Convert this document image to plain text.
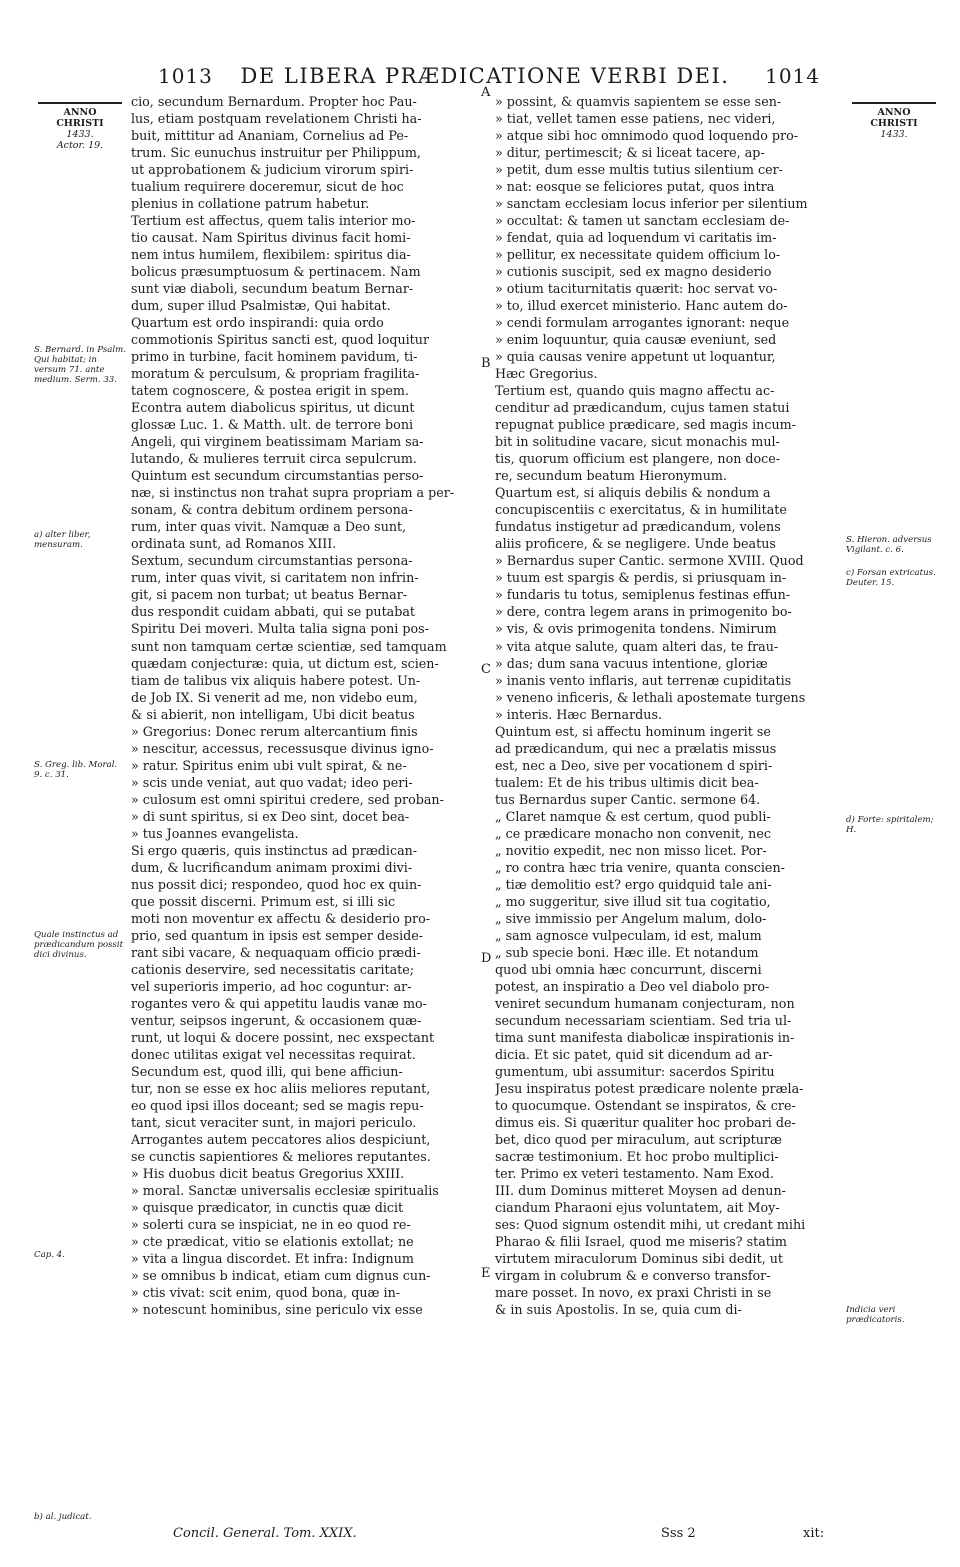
1013	DE LIBERA PRÆDICATIONE VERBI DEI.	1014
ANNO
CHRISTI
1433.
Actor. 19.
ANNO
CHRISTI
1433.
cio, secundum Bernardum. Propter hoc Pau-
lus, etiam postquam revelationem Christi ha-
buit, mittitur ad Ananiam, Cornelius ad Pe-
trum. Sic eunuchus instruitur per Philippum,
ut approbationem & judicium virorum spiri-
tualium requirere doceremur, sicut de hoc
plenius in collatione patrum habetur.
Tertium est affectus, quem talis interior mo-
tio causat. Nam Spiritus divinus facit homi-
nem intus humilem, flexibilem: spiritus dia-
bolicus præsumptuosum & pertinacem. Nam
sunt viæ diaboli, secundum beatum Bernar-
dum, super illud Psalmistæ, Qui habitat.
Quartum est ordo inspirandi: quia ordo
commotionis Spiritus sancti est, quod loquitur
primo in turbine, facit hominem pavidum, ti-
moratum & perculsum, & propriam fragilita-
tatem cognoscere, & postea erigit in spem.
Econtra autem diabolicus spiritus, ut dicunt
glossæ Luc. 1. & Matth. ult. de terrore boni
Angeli, qui virginem beatissimam Mariam sa-
lutando, & mulieres terruit circa sepulcrum.
Quintum est secundum circumstantias perso-
næ, si instinctus non trahat supra propriam a per-
sonam, & contra debitum ordinem persona-
rum, inter quas vivit. Namquæ a Deo sunt,
ordinata sunt, ad Romanos XIII.
Sextum, secundum circumstantias persona-
rum, inter quas vivit, si caritatem non infrin-
git, si pacem non turbat; ut beatus Bernar-
dus respondit cuidam abbati, qui se putabat
Spiritu Dei moveri. Multa talia signa poni pos-
sunt non tamquam certæ scientiæ, sed tamquam
quædam conjecturæ: quia, ut dictum est, scien-
tiam de talibus vix aliquis habere potest. Un-
de Job IX. Si venerit ad me, non videbo eum,
& si abierit, non intelligam, Ubi dicit beatus
» Gregorius: Donec rerum altercantium finis
» nescitur, accessus, recessusque divinus igno-
» ratur. Spiritus enim ubi vult spirat, & ne-
» scis unde veniat, aut quo vadat; ideo peri-
» culosum est omni spiritui credere, sed proban-
» di sunt spiritus, si ex Deo sint, docet bea-
» tus Joannes evangelista.
Si ergo quæris, quis instinctus ad prædican-
dum, & lucrificandum animam proximi divi-
nus possit dici; respondeo, quod hoc ex quin-
que possit discerni. Primum est, si illi sic
moti non moventur ex affectu & desiderio pro-
prio, sed quantum in ipsis est semper deside-
rant sibi vacare, & nequaquam officio prædi-
cationis deservire, sed necessitatis caritate;
vel superioris imperio, ad hoc coguntur: ar-
rogantes vero & qui appetitu laudis vanæ mo-
ventur, seipsos ingerunt, & occasionem quæ-
runt, ut loqui & docere possint, nec exspectant
donec utilitas exigat vel necessitas requirat.
Secundum est, quod illi, qui bene afficiun-
tur, non se esse ex hoc aliis meliores reputant,
eo quod ipsi illos doceant; sed se magis repu-
tant, sicut veraciter sunt, in majori periculo.
Arrogantes autem peccatores alios despiciunt,
se cunctis sapientiores & meliores reputantes.
» His duobus dicit beatus Gregorius XXIII.
» moral. Sanctæ universalis ecclesiæ spiritualis
» quisque prædicator, in cunctis quæ dicit
» solerti cura se inspiciat, ne in eo quod re-
» cte prædicat, vitio se elationis extollat; ne
» vita a lingua discordet. Et infra: Indignum
» se omnibus b indicat, etiam cum dignus cun-
» ctis vivat: scit enim, quod bona, quæ in-
» notescunt hominibus, sine periculo vix esse
» possint, & quamvis sapientem se esse sen-
» tiat, vellet tamen esse patiens, nec videri,
» atque sibi hoc omnimodo quod loquendo pro-
» ditur, pertimescit; & si liceat tacere, ap-
» petit, dum esse multis tutius silentium cer-
» nat: eosque se feliciores putat, quos intra
» sanctam ecclesiam locus inferior per silentium
» occultat: & tamen ut sanctam ecclesiam de-
» fendat, quia ad loquendum vi caritatis im-
» pellitur, ex necessitate quidem officium lo-
» cutionis suscipit, sed ex magno desiderio
» otium taciturnitatis quærit: hoc servat vo-
» to, illud exercet ministerio. Hanc autem do-
» cendi formulam arrogantes ignorant: neque
» enim loquuntur, quia causæ eveniunt, sed
» quia causas venire appetunt ut loquantur,
Hæc Gregorius.
Tertium est, quando quis magno affectu ac-
cenditur ad prædicandum, cujus tamen statui
repugnat publice prædicare, sed magis incum-
bit in solitudine vacare, sicut monachis mul-
tis, quorum officium est plangere, non doce-
re, secundum beatum Hieronymum.
Quartum est, si aliquis debilis & nondum a
concupiscentiis c exercitatus, & in humilitate
fundatus instigetur ad prædicandum, volens
aliis proficere, & se negligere. Unde beatus
» Bernardus super Cantic. sermone XVIII. Quod
» tuum est spargis & perdis, si priusquam in-
» fundaris tu totus, semiplenus festinas effun-
» dere, contra legem arans in primogenito bo-
» vis, & ovis primogenita tondens. Nimirum
» vita atque salute, quam alteri das, te frau-
» das; dum sana vacuus intentione, gloriæ
» inanis vento inflaris, aut terrenæ cupiditatis
» veneno inficeris, & lethali apostemate turgens
» interis. Hæc Bernardus.
Quintum est, si affectu hominum ingerit se
ad prædicandum, qui nec a prælatis missus
est, nec a Deo, sive per vocationem d spiri-
tualem: Et de his tribus ultimis dicit bea-
tus Bernardus super Cantic. sermone 64.
„ Claret namque & est certum, quod publi-
„ ce prædicare monacho non convenit, nec
„ novitio expedit, nec non misso licet. Por-
„ ro contra hæc tria venire, quanta conscien-
„ tiæ demolitio est? ergo quidquid tale ani-
„ mo suggeritur, sive illud sit tua cogitatio,
„ sive immissio per Angelum malum, dolo-
„ sam agnosce vulpeculam, id est, malum
„ sub specie boni. Hæc ille. Et notandum
quod ubi omnia hæc concurrunt, discerni
potest, an inspiratio a Deo vel diabolo pro-
veniret secundum humanam conjecturam, non
secundum necessariam scientiam. Sed tria ul-
tima sunt manifesta diabolicæ inspirationis in-
dicia. Et sic patet, quid sit dicendum ad ar-
gumentum, ubi assumitur: sacerdos Spiritu
Jesu inspiratus potest prædicare nolente præla-
to quocumque. Ostendant se inspiratos, & cre-
dimus eis. Si quæritur qualiter hoc probari de-
bet, dico quod per miraculum, aut scripturæ
sacræ testimonium. Et hoc probo multiplici-
ter. Primo ex veteri testamento. Nam Exod.
III. dum Dominus mitteret Moysen ad denun-
ciandum Pharaoni ejus voluntatem, ait Moy-
ses: Quod signum ostendit mihi, ut credant mihi
Pharao & filii Israel, quod me miseris? statim
virtutem miraculorum Dominus sibi dedit, ut
virgam in colubrum & e converso transfor-
mare posset. In novo, ex praxi Christi in se
& in suis Apostolis. In se, quia cum di-
A
B
C
D
E
S. Bernard. in Psalm. Qui habitat; in versum 71. ante medium. Serm. 33.
a) alter liber, mensuram.
S. Greg. lib. Moral. 9. c. 31.
Quale instinctus ad prædicandum possit dici divinus.
Cap. 4.
b) al. judicat.
S. Hieron. adversus Vigilant. c. 6.
c) Forsan extricatus. Deuter. 15.
d) Forte: spiritalem; H.
Indicia veri prædicatoris.
Concil. General. Tom. XXIX.	Sss 2	xit:
